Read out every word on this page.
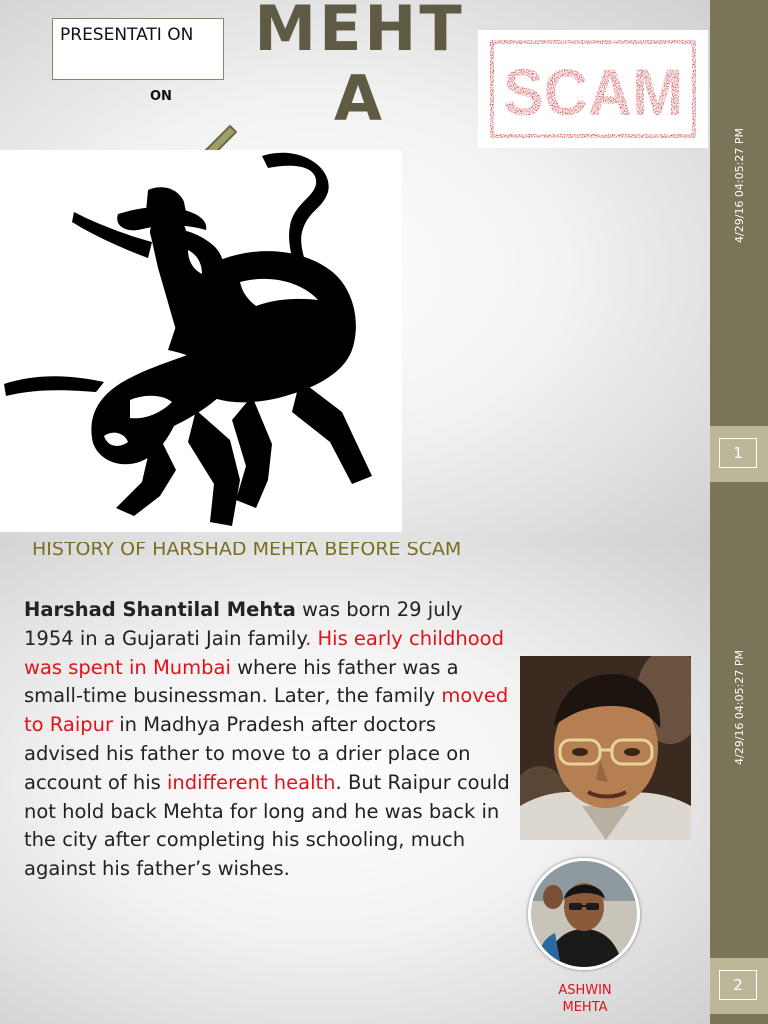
PRESENTATI ON
ON
MEHT A	SCAM
4/29/16 04:05:27 PM
1
HISTORY OF HARSHAD MEHTA BEFORE SCAM
Harshad Shantilal Mehta was born 29 july 1954 in a Gujarati Jain family. His early childhood was spent in Mumbai where his father was a small-time businessman. Later, the family moved to Raipur in Madhya Pradesh after doctors advised his father to move to a drier place on account of his indifferent health. But Raipur could not hold back Mehta for long and he was back in the city after completing his schooling, much against his father’s wishes.
ASHWIN MEHTA
4/29/16 04:05:27 PM
2
